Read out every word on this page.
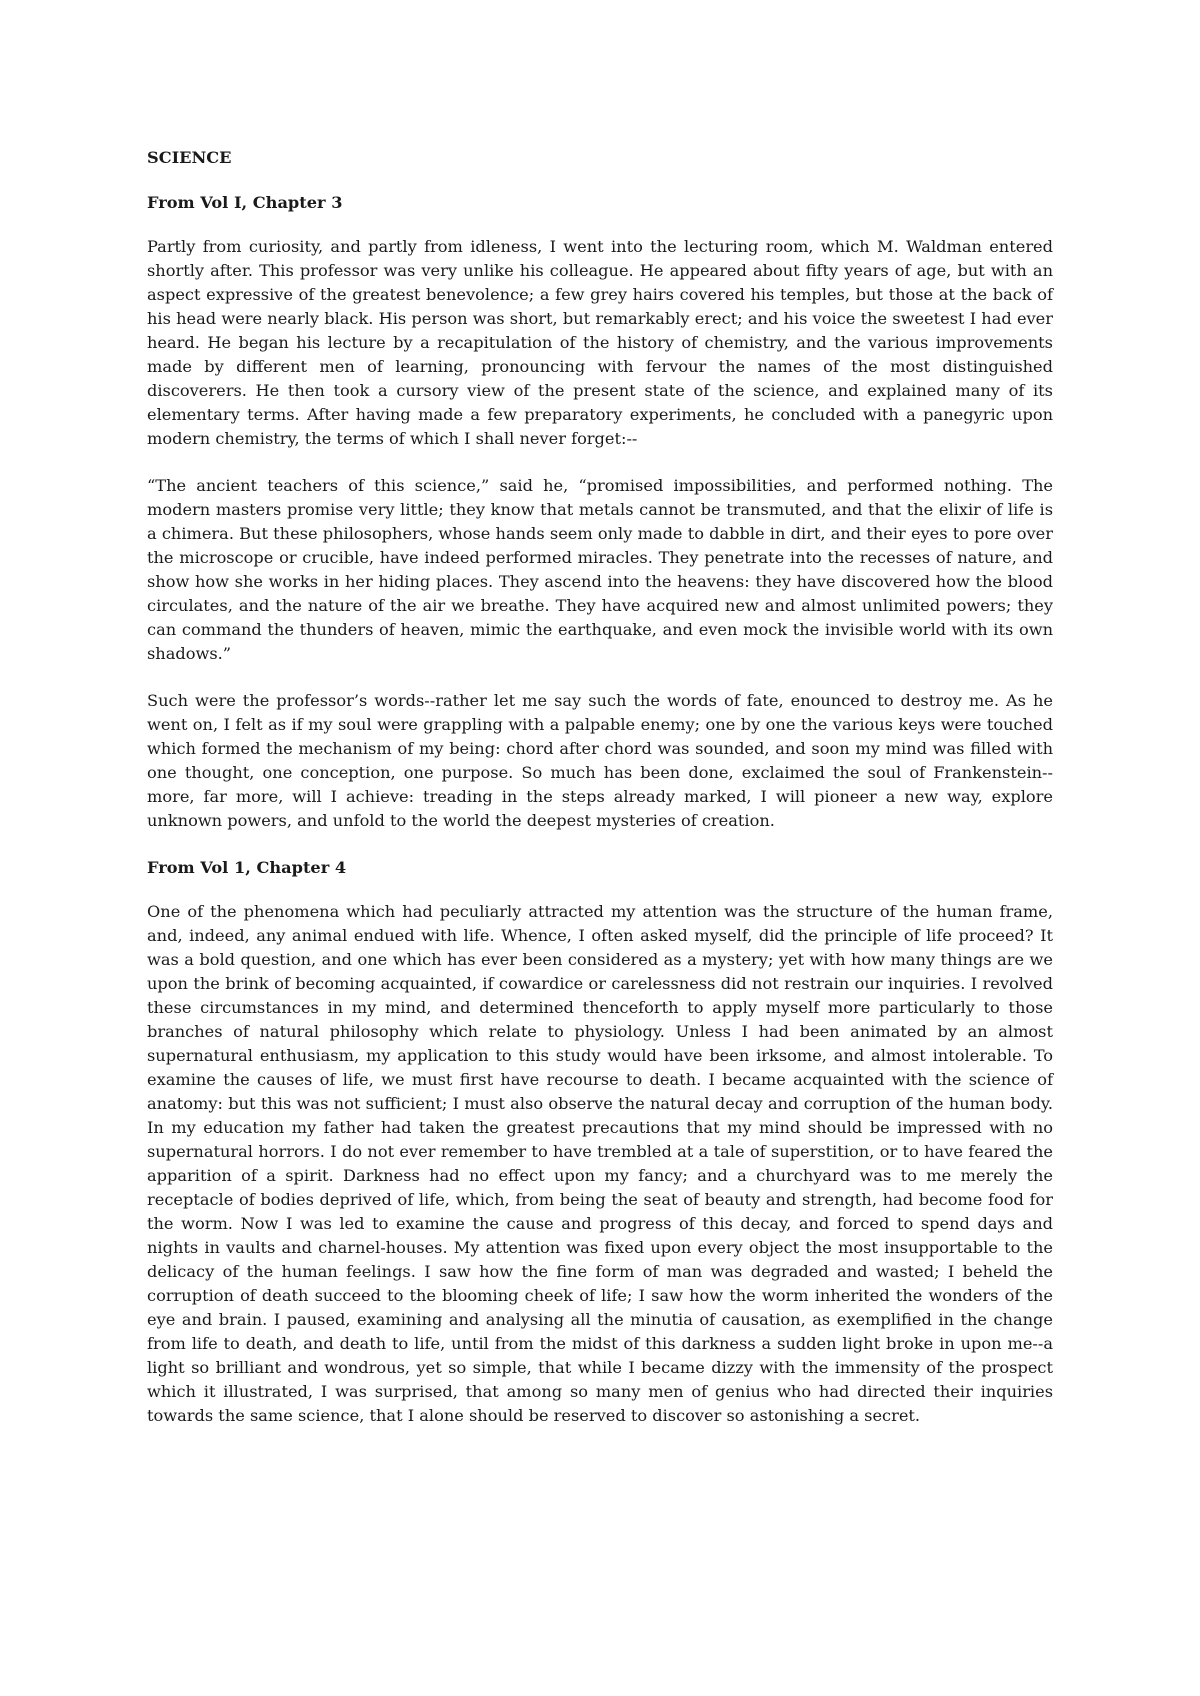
SCIENCE
From Vol I, Chapter 3

Partly from curiosity, and partly from idleness, I went into the lecturing room, which M. Waldman entered shortly after. This professor was very unlike his colleague. He appeared about fifty years of age, but with an aspect expressive of the greatest benevolence; a few grey hairs covered his temples, but those at the back of his head were nearly black. His person was short, but remarkably erect; and his voice the sweetest I had ever heard. He began his lecture by a recapitulation of the history of chemistry, and the various improvements made by different men of learning, pronouncing with fervour the names of the most distinguished discoverers. He then took a cursory view of the present state of the science, and explained many of its elementary terms. After having made a few preparatory experiments, he concluded with a panegyric upon modern chemistry, the terms of which I shall never forget:--

“The ancient teachers of this science,” said he, “promised impossibilities, and performed nothing. The modern masters promise very little; they know that metals cannot be transmuted, and that the elixir of life is a chimera. But these philosophers, whose hands seem only made to dabble in dirt, and their eyes to pore over the microscope or crucible, have indeed performed miracles. They penetrate into the recesses of nature, and show how she works in her hiding places. They ascend into the heavens: they have discovered how the blood circulates, and the nature of the air we breathe. They have acquired new and almost unlimited powers; they can command the thunders of heaven, mimic the earthquake, and even mock the invisible world with its own shadows.”

Such were the professor’s words--rather let me say such the words of fate, enounced to destroy me. As he went on, I felt as if my soul were grappling with a palpable enemy; one by one the various keys were touched which formed the mechanism of my being: chord after chord was sounded, and soon my mind was filled with one thought, one conception, one purpose. So much has been done, exclaimed the soul of Frankenstein--more, far more, will I achieve: treading in the steps already marked, I will pioneer a new way, explore unknown powers, and unfold to the world the deepest mysteries of creation.

From Vol 1, Chapter 4

One of the phenomena which had peculiarly attracted my attention was the structure of the human frame, and, indeed, any animal endued with life. Whence, I often asked myself, did the principle of life proceed? It was a bold question, and one which has ever been considered as a mystery; yet with how many things are we upon the brink of becoming acquainted, if cowardice or carelessness did not restrain our inquiries. I revolved these circumstances in my mind, and determined thenceforth to apply myself more particularly to those branches of natural philosophy which relate to physiology. Unless I had been animated by an almost supernatural enthusiasm, my application to this study would have been irksome, and almost intolerable. To examine the causes of life, we must first have recourse to death. I became acquainted with the science of anatomy: but this was not sufficient; I must also observe the natural decay and corruption of the human body. In my education my father had taken the greatest precautions that my mind should be impressed with no supernatural horrors. I do not ever remember to have trembled at a tale of superstition, or to have feared the apparition of a spirit. Darkness had no effect upon my fancy; and a churchyard was to me merely the receptacle of bodies deprived of life, which, from being the seat of beauty and strength, had become food for the worm. Now I was led to examine the cause and progress of this decay, and forced to spend days and nights in vaults and charnel-houses. My attention was fixed upon every object the most insupportable to the delicacy of the human feelings. I saw how the fine form of man was degraded and wasted; I beheld the corruption of death succeed to the blooming cheek of life; I saw how the worm inherited the wonders of the eye and brain. I paused, examining and analysing all the minutia of causation, as exemplified in the change from life to death, and death to life, until from the midst of this darkness a sudden light broke in upon me--a light so brilliant and wondrous, yet so simple, that while I became dizzy with the immensity of the prospect which it illustrated, I was surprised, that among so many men of genius who had directed their inquiries towards the same science, that I alone should be reserved to discover so astonishing a secret.
